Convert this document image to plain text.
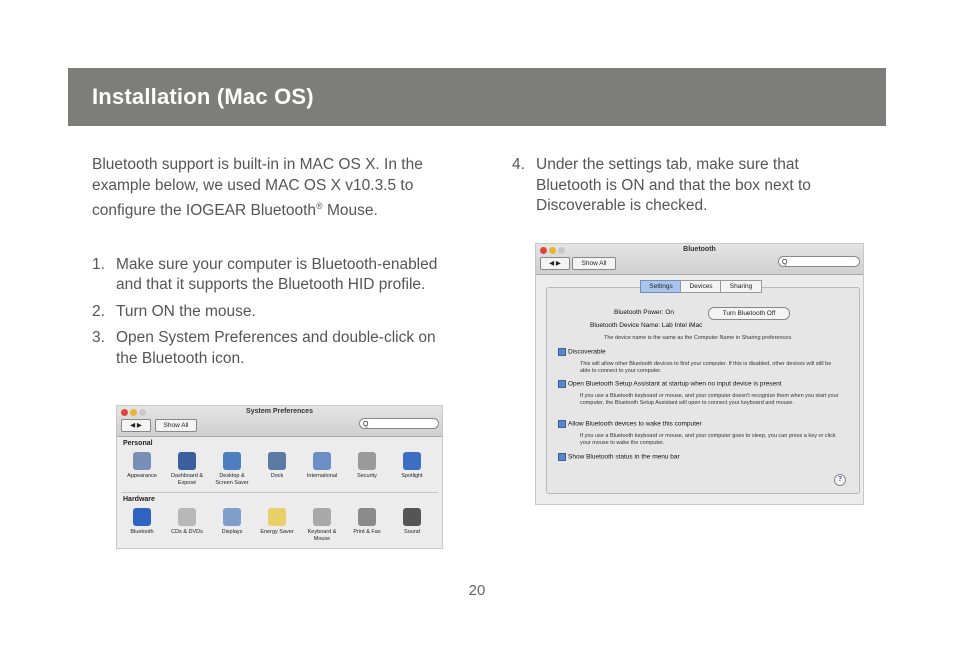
Installation (Mac OS)

Bluetooth support is built-in in MAC OS X. In the example below, we used MAC OS X v10.3.5 to configure the IOGEAR Bluetooth® Mouse.

1. Make sure your computer is Bluetooth-enabled and that it supports the Bluetooth HID profile.
2. Turn ON the mouse.
3. Open System Preferences and double-click on the Bluetooth icon.
4. Under the settings tab, make sure that Bluetooth is ON and that the box next to Discoverable is checked.
System Preferences
◀ ▶	Show All	Q
Personal
Appearance	Dashboard & Exposé
Desktop & Screen Saver
Dock	International	Security	Spotlight
Hardware
Bluetooth	CDs & DVDs	Displays	Energy Saver	Keyboard & Mouse
Print & Fax	Sound
Bluetooth
◀ ▶	Show All	Q
Settings	Devices	Sharing
Bluetooth Power: On	Turn Bluetooth Off
Bluetooth Device Name: Lab Intel iMac
The device name is the same as the Computer Name in Sharing preferences.
Discoverable
This will allow other Bluetooth devices to find your computer. If this is disabled, other devices will still be able to connect to your computer.
Open Bluetooth Setup Assistant at startup when no input device is present
If you use a Bluetooth keyboard or mouse, and your computer doesn't recognize them when you start your computer, the Bluetooth Setup Assistant will open to connect your keyboard and mouse.
Allow Bluetooth devices to wake this computer
If you use a Bluetooth keyboard or mouse, and your computer goes to sleep, you can press a key or click your mouse to wake the computer.
Show Bluetooth status in the menu bar
?
20
